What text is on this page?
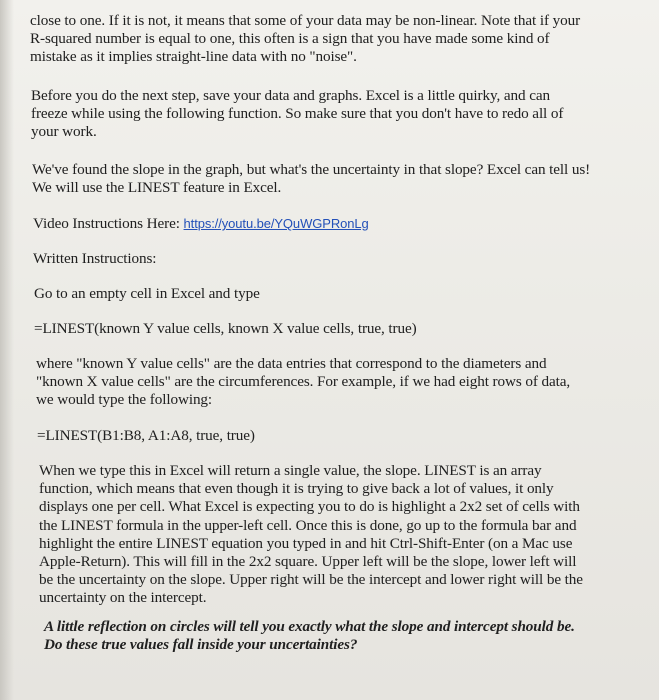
close to one. If it is not, it means that some of your data may be non-linear. Note that if your R-squared number is equal to one, this often is a sign that you have made some kind of mistake as it implies straight-line data with no "noise".

Before you do the next step, save your data and graphs. Excel is a little quirky, and can freeze while using the following function. So make sure that you don't have to redo all of your work.

We've found the slope in the graph, but what's the uncertainty in that slope? Excel can tell us! We will use the LINEST feature in Excel.

Video Instructions Here: https://youtu.be/YQuWGPRonLg

Written Instructions:

Go to an empty cell in Excel and type

=LINEST(known Y value cells, known X value cells, true, true)

where "known Y value cells" are the data entries that correspond to the diameters and "known X value cells" are the circumferences. For example, if we had eight rows of data, we would type the following:

=LINEST(B1:B8, A1:A8, true, true)

When we type this in Excel will return a single value, the slope. LINEST is an array function, which means that even though it is trying to give back a lot of values, it only displays one per cell. What Excel is expecting you to do is highlight a 2x2 set of cells with the LINEST formula in the upper-left cell. Once this is done, go up to the formula bar and highlight the entire LINEST equation you typed in and hit Ctrl-Shift-Enter (on a Mac use Apple-Return). This will fill in the 2x2 square. Upper left will be the slope, lower left will be the uncertainty on the slope. Upper right will be the intercept and lower right will be the uncertainty on the intercept.

A little reflection on circles will tell you exactly what the slope and intercept should be. Do these true values fall inside your uncertainties?
